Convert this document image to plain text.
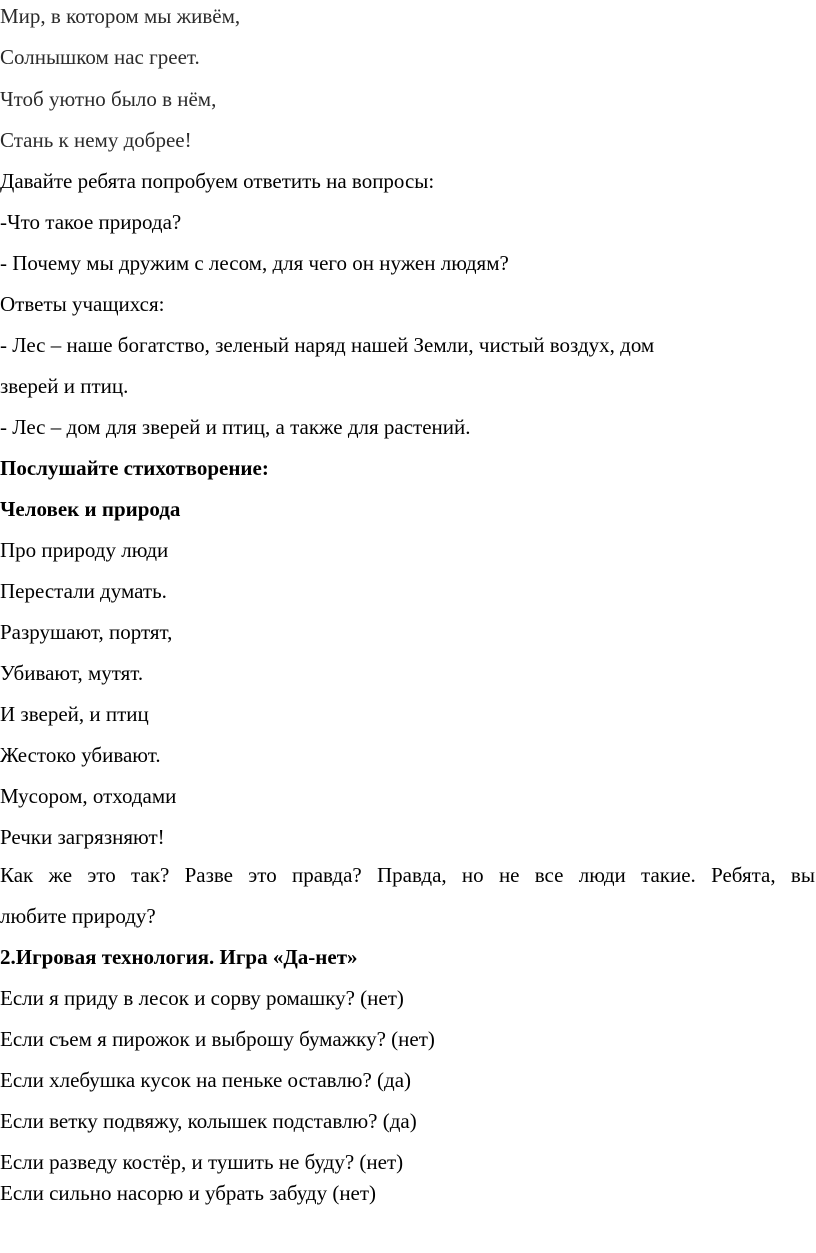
Мир, в котором мы живём,
Солнышком нас греет.
Чтоб уютно было в нём,
Стань к нему добрее!
Давайте ребята попробуем ответить на вопросы:
-Что такое природа?
- Почему мы дружим с лесом, для чего он нужен людям?
Ответы учащихся:
- Лес – наше богатство, зеленый наряд нашей Земли, чистый воздух, дом
зверей и птиц.
- Лес – дом для зверей и птиц, а также для растений.
Послушайте стихотворение:
Человек и природа
Про природу люди
Перестали думать.
Разрушают, портят,
Убивают, мутят.
И зверей, и птиц
Жестоко убивают.
Мусором, отходами
Речки загрязняют!
Как же это так? Разве это правда? Правда, но не все люди такие. Ребята, вы
любите природу?
2.Игровая технология. Игра «Да-нет»
Если я приду в лесок и сорву ромашку? (нет)
Если съем я пирожок и выброшу бумажку? (нет)
Если хлебушка кусок на пеньке оставлю? (да)
Если ветку подвяжу, колышек подставлю? (да)
Если разведу костёр, и тушить не буду? (нет)
Если сильно насорю и убрать забуду (нет)
